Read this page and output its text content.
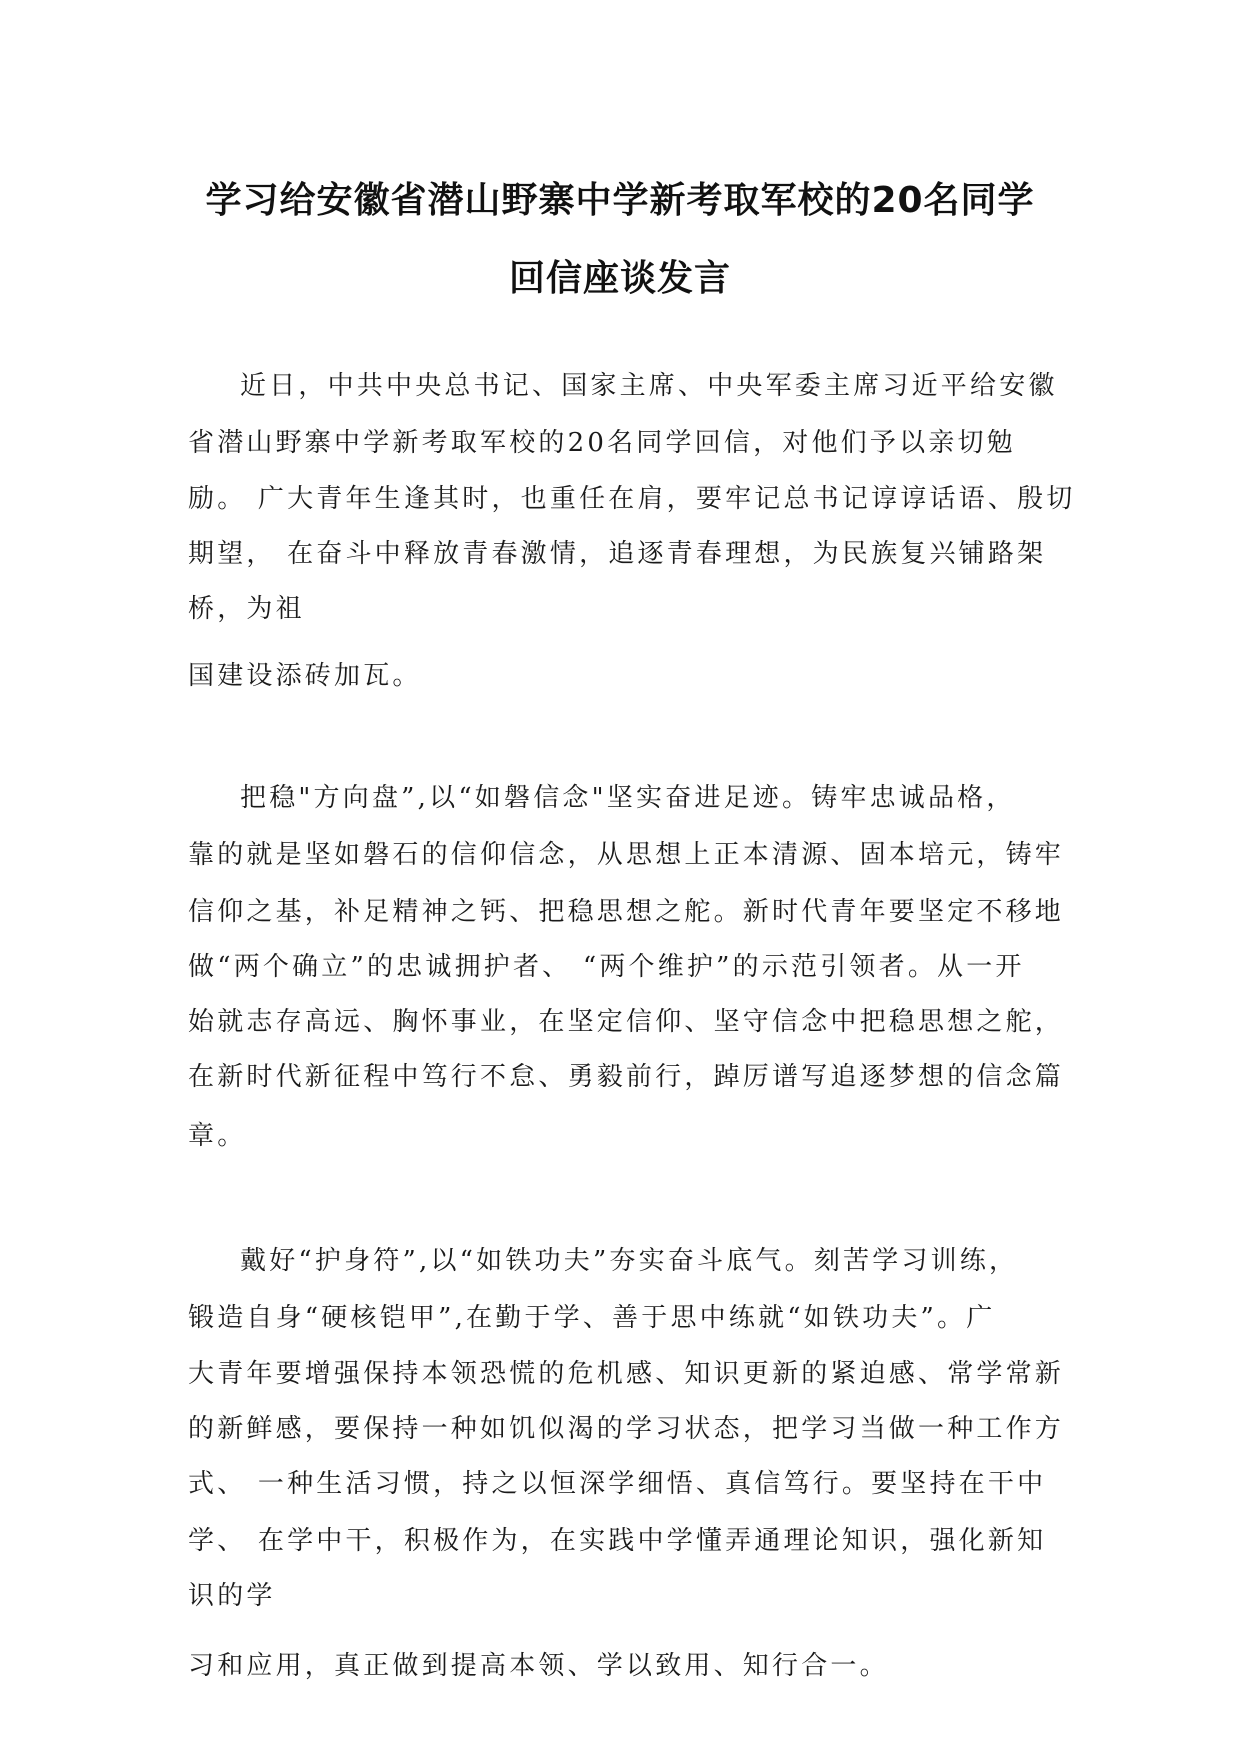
学习给安徽省潜山野寨中学新考取军校的20名同学
回信座谈发言
近日，中共中央总书记、国家主席、中央军委主席习近平给安徽
省潜山野寨中学新考取军校的20名同学回信，对他们予以亲切勉
励。 广大青年生逢其时，也重任在肩，要牢记总书记谆谆话语、殷切
期望， 在奋斗中释放青春激情，追逐青春理想，为民族复兴铺路架
桥，为祖
国建设添砖加瓦。
把稳"方向盘”,以“如磐信念"坚实奋进足迹。铸牢忠诚品格，
靠的就是坚如磐石的信仰信念，从思想上正本清源、固本培元，铸牢
信仰之基，补足精神之钙、把稳思想之舵。新时代青年要坚定不移地
做“两个确立”的忠诚拥护者、 “两个维护”的示范引领者。从一开
始就志存高远、胸怀事业，在坚定信仰、坚守信念中把稳思想之舵，
在新时代新征程中笃行不怠、勇毅前行，踔厉谱写追逐梦想的信念篇
章。
戴好“护身符”,以“如铁功夫”夯实奋斗底气。刻苦学习训练，
锻造自身“硬核铠甲”,在勤于学、善于思中练就“如铁功夫”。广
大青年要增强保持本领恐慌的危机感、知识更新的紧迫感、常学常新
的新鲜感，要保持一种如饥似渴的学习状态，把学习当做一种工作方
式、 一种生活习惯，持之以恒深学细悟、真信笃行。要坚持在干中
学、 在学中干，积极作为，在实践中学懂弄通理论知识，强化新知
识的学
习和应用，真正做到提高本领、学以致用、知行合一。
